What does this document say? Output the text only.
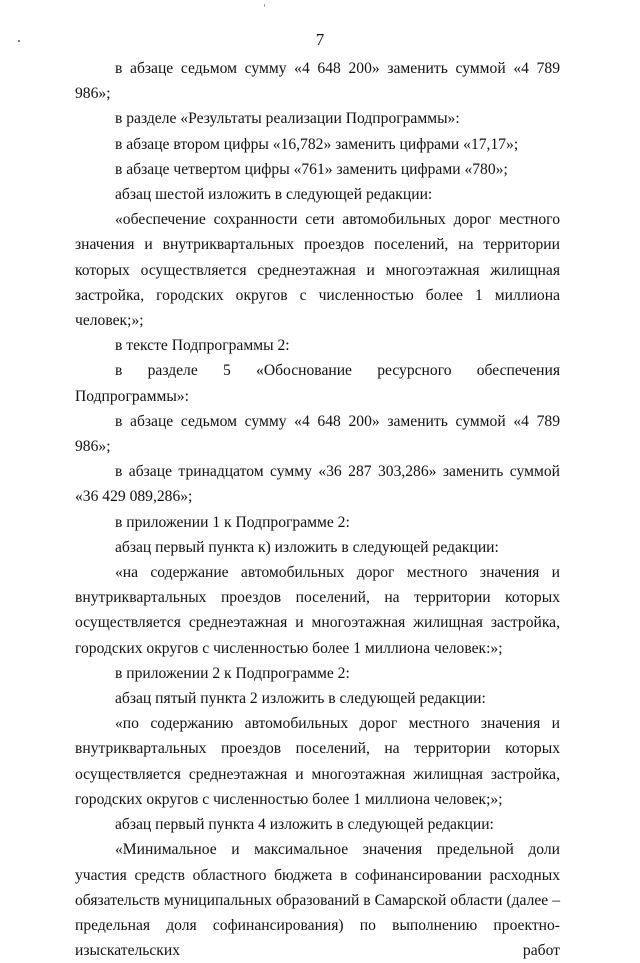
7

в абзаце седьмом сумму «4 648 200» заменить суммой «4 789 986»;

в разделе «Результаты реализации Подпрограммы»:

в абзаце втором цифры «16,782» заменить цифрами «17,17»;

в абзаце четвертом цифры «761» заменить цифрами «780»;

абзац шестой изложить в следующей редакции:

«обеспечение сохранности сети автомобильных дорог местного значения и внутриквартальных проездов поселений, на территории которых осуществляется среднеэтажная и многоэтажная жилищная застройка, городских округов с численностью более 1 миллиона человек;»;

в тексте Подпрограммы 2:

в разделе 5 «Обоснование ресурсного обеспечения Подпрограммы»:

в абзаце седьмом сумму «4 648 200» заменить суммой «4 789 986»;

в абзаце тринадцатом сумму «36 287 303,286» заменить суммой «36 429 089,286»;

в приложении 1 к Подпрограмме 2:

абзац первый пункта к) изложить в следующей редакции:

«на содержание автомобильных дорог местного значения и внутриквартальных проездов поселений, на территории которых осуществляется среднеэтажная и многоэтажная жилищная застройка, городских округов с численностью более 1 миллиона человек:»;

в приложении 2 к Подпрограмме 2:

абзац пятый пункта 2 изложить в следующей редакции:

«по содержанию автомобильных дорог местного значения и внутриквартальных проездов поселений, на территории которых осуществляется среднеэтажная и многоэтажная жилищная застройка, городских округов с численностью более 1 миллиона человек;»;

абзац первый пункта 4 изложить в следующей редакции:

«Минимальное и максимальное значения предельной доли участия средств областного бюджета в софинансировании расходных обязательств муниципальных образований в Самарской области (далее – предельная доля софинансирования) по выполнению проектно-изыскательских работ
